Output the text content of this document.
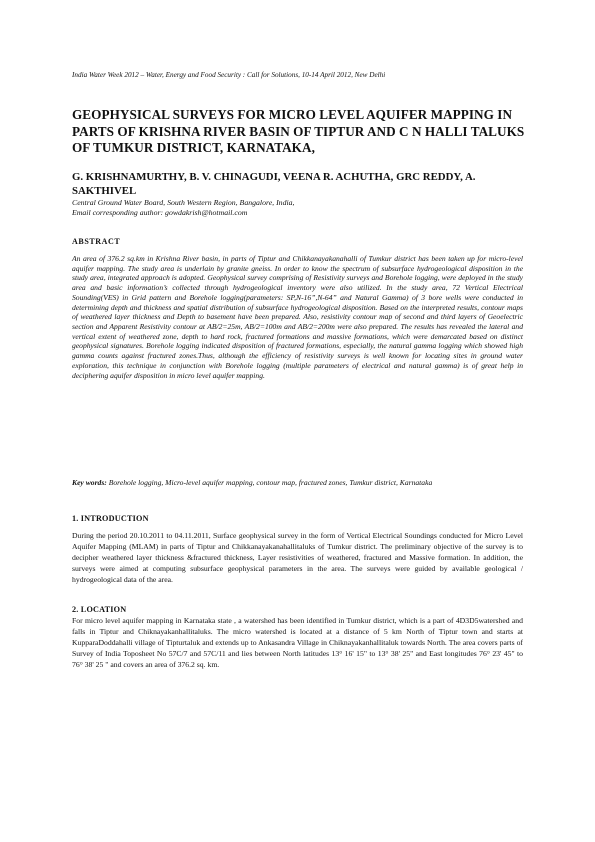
India Water Week 2012 – Water, Energy and Food Security : Call for Solutions, 10-14 April 2012, New Delhi
GEOPHYSICAL SURVEYS FOR MICRO LEVEL AQUIFER MAPPING IN PARTS OF KRISHNA RIVER BASIN OF TIPTUR AND C N HALLI TALUKS OF TUMKUR DISTRICT, KARNATAKA,
G. KRISHNAMURTHY, B. V. CHINAGUDI, VEENA R. ACHUTHA, GRC REDDY, A. SAKTHIVEL
Central Ground Water Board, South Western Region, Bangalore, India,
Email corresponding author: gowdakrish@hotmail.com
ABSTRACT
An area of 376.2 sq.km in Krishna River basin, in parts of Tiptur and Chikkanayakanahalli of Tumkur district has been taken up for micro-level aquifer mapping. The study area is underlain by granite gneiss. In order to know the spectrum of subsurface hydrogeological disposition in the study area, integrated approach is adopted. Geophysical survey comprising of Resistivity surveys and Borehole logging, were deployed in the study area and basic information’s collected through hydrogeological inventory were also utilized. In the study area, 72 Vertical Electrical Sounding(VES) in Grid pattern and Borehole logging(parameters: SP,N-16”,N-64” and Natural Gamma) of 3 bore wells were conducted in determining depth and thickness and spatial distribution of subsurface hydrogeological disposition. Based on the interpreted results, contour maps of weathered layer thickness and Depth to basement have been prepared. Also, resistivity contour map of second and third layers of Geoelectric section and Apparent Resistivity contour at AB/2=25m, AB/2=100m and AB/2=200m were also prepared. The results has revealed the lateral and vertical extent of weathered zone, depth to hard rock, fractured formations and massive formations, which were demarcated based on distinct geophysical signatures. Borehole logging indicated disposition of fractured formations, especially, the natural gamma logging which showed high gamma counts against fractured zones.Thus, although the efficiency of resistivity surveys is well known for locating sites in ground water exploration, this technique in conjunction with Borehole logging (multiple parameters of electrical and natural gamma) is of great help in deciphering aquifer disposition in micro level aquifer mapping.
Key words: Borehole logging, Micro-level aquifer mapping, contour map, fractured zones, Tumkur district, Karnataka
1. INTRODUCTION
During the period 20.10.2011 to 04.11.2011, Surface geophysical survey in the form of Vertical Electrical Soundings conducted for Micro Level Aquifer Mapping (MLAM) in parts of Tiptur and Chikkanayakanahallitaluks of Tumkur district. The preliminary objective of the survey is to decipher weathered layer thickness &fractured thickness, Layer resistivities of weathered, fractured and Massive formation. In addition, the surveys were aimed at computing subsurface geophysical parameters in the area. The surveys were guided by available geological / hydrogeological data of the area.
2. LOCATION
For micro level aquifer mapping in Karnataka state , a watershed has been identified in Tumkur district, which is a part of 4D3D5watershed and falls in Tiptur and Chiknayakanhallitaluks. The micro watershed is located at a distance of 5 km North of Tiptur town and starts at KupparaDoddahalli village of Tipturtaluk and extends up to Ankasandra Village in Chiknayakanhallitaluk towards North. The area covers parts of Survey of India Toposheet No 57C/7 and 57C/11 and lies between North latitudes 13° 16' 15" to 13° 38' 25" and East longitudes 76° 23' 45" to 76° 38' 25 " and covers an area of 376.2 sq. km.
